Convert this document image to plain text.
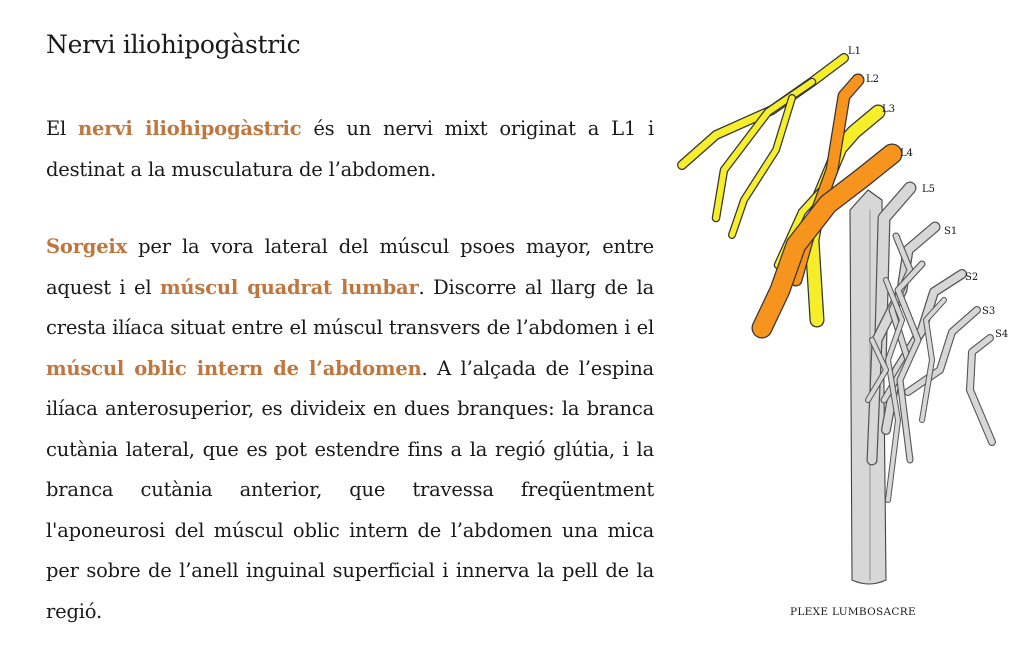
Nervi iliohipogàstric

El nervi iliohipogàstric és un nervi mixt originat a L1 i destinat a la musculatura de l’abdomen.

Sorgeix per la vora lateral del múscul psoes mayor, entre aquest i el múscul quadrat lumbar. Discorre al llarg de la cresta ilíaca situat entre el múscul transvers de l’abdomen i el múscul oblic intern de l’abdomen. A l’alçada de l’espina ilíaca anterosuperior, es divideix en dues branques: la branca cutània lateral, que es pot estendre fins a la regió glútia, i la branca cutània anterior, que travessa freqüentment l'aponeurosi del múscul oblic intern de l’abdomen una mica per sobre de l’anell inguinal superficial i innerva la pell de la regió.

L1
L2
L3
L4
L5
S1
S2
S3
S4
PLEXE LUMBOSACRE
